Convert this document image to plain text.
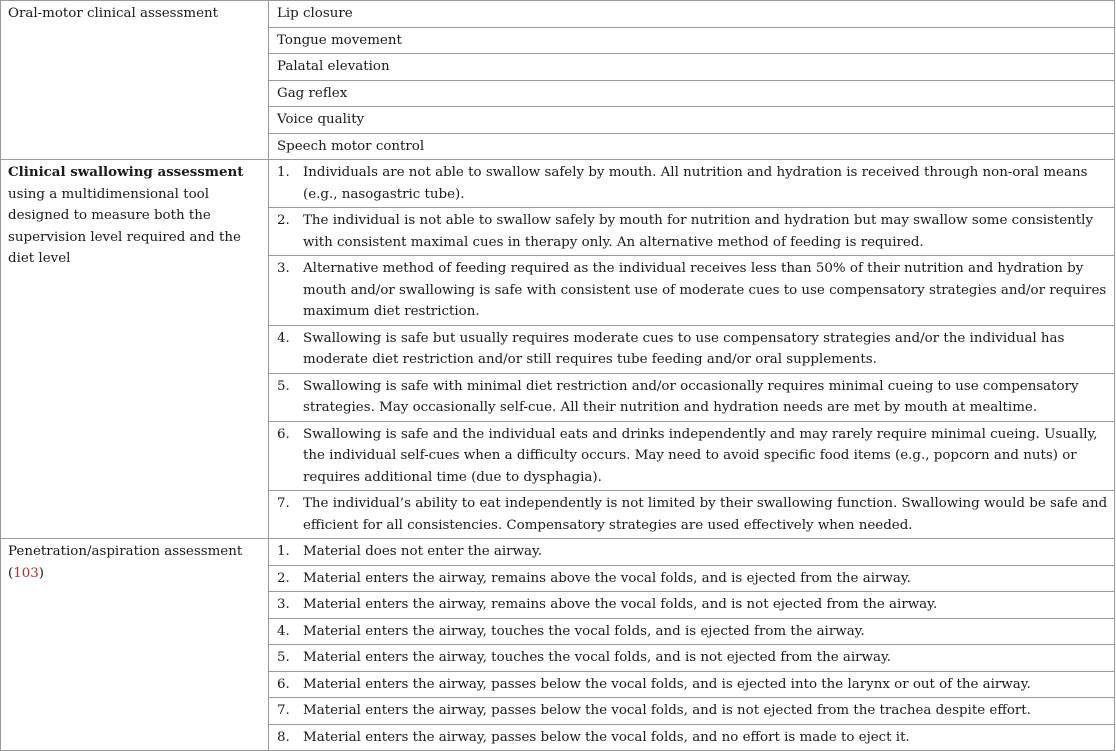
Oral-motor clinical assessment	Lip closure
	Tongue movement
	Palatal elevation
	Gag reflex
	Voice quality
	Speech motor control
Clinical swallowing assessment using a multidimensional tool designed to measure both the supervision level required and the diet level	1. Individuals are not able to swallow safely by mouth. All nutrition and hydration is received through non-oral means (e.g., nasogastric tube).

	2. The individual is not able to swallow safely by mouth for nutrition and hydration but may swallow some consistently with consistent maximal cues in therapy only. An alternative method of feeding is required.

	3. Alternative method of feeding required as the individual receives less than 50% of their nutrition and hydration by mouth and/or swallowing is safe with consistent use of moderate cues to use compensatory strategies and/or requires maximum diet restriction.

	4. Swallowing is safe but usually requires moderate cues to use compensatory strategies and/or the individual has moderate diet restriction and/or still requires tube feeding and/or oral supplements.

	5. Swallowing is safe with minimal diet restriction and/or occasionally requires minimal cueing to use compensatory strategies. May occasionally self-cue. All their nutrition and hydration needs are met by mouth at mealtime.

	6. Swallowing is safe and the individual eats and drinks independently and may rarely require minimal cueing. Usually, the individual self-cues when a difficulty occurs. May need to avoid specific food items (e.g., popcorn and nuts) or requires additional time (due to dysphagia).

	7. The individual’s ability to eat independently is not limited by their swallowing function. Swallowing would be safe and efficient for all consistencies. Compensatory strategies are used effectively when needed.

Penetration/aspiration assessment (103)	1. Material does not enter the airway.

	2. Material enters the airway, remains above the vocal folds, and is ejected from the airway.

	3. Material enters the airway, remains above the vocal folds, and is not ejected from the airway.

	4. Material enters the airway, touches the vocal folds, and is ejected from the airway.

	5. Material enters the airway, touches the vocal folds, and is not ejected from the airway.

	6. Material enters the airway, passes below the vocal folds, and is ejected into the larynx or out of the airway.

	7. Material enters the airway, passes below the vocal folds, and is not ejected from the trachea despite effort.

	8. Material enters the airway, passes below the vocal folds, and no effort is made to eject it.
